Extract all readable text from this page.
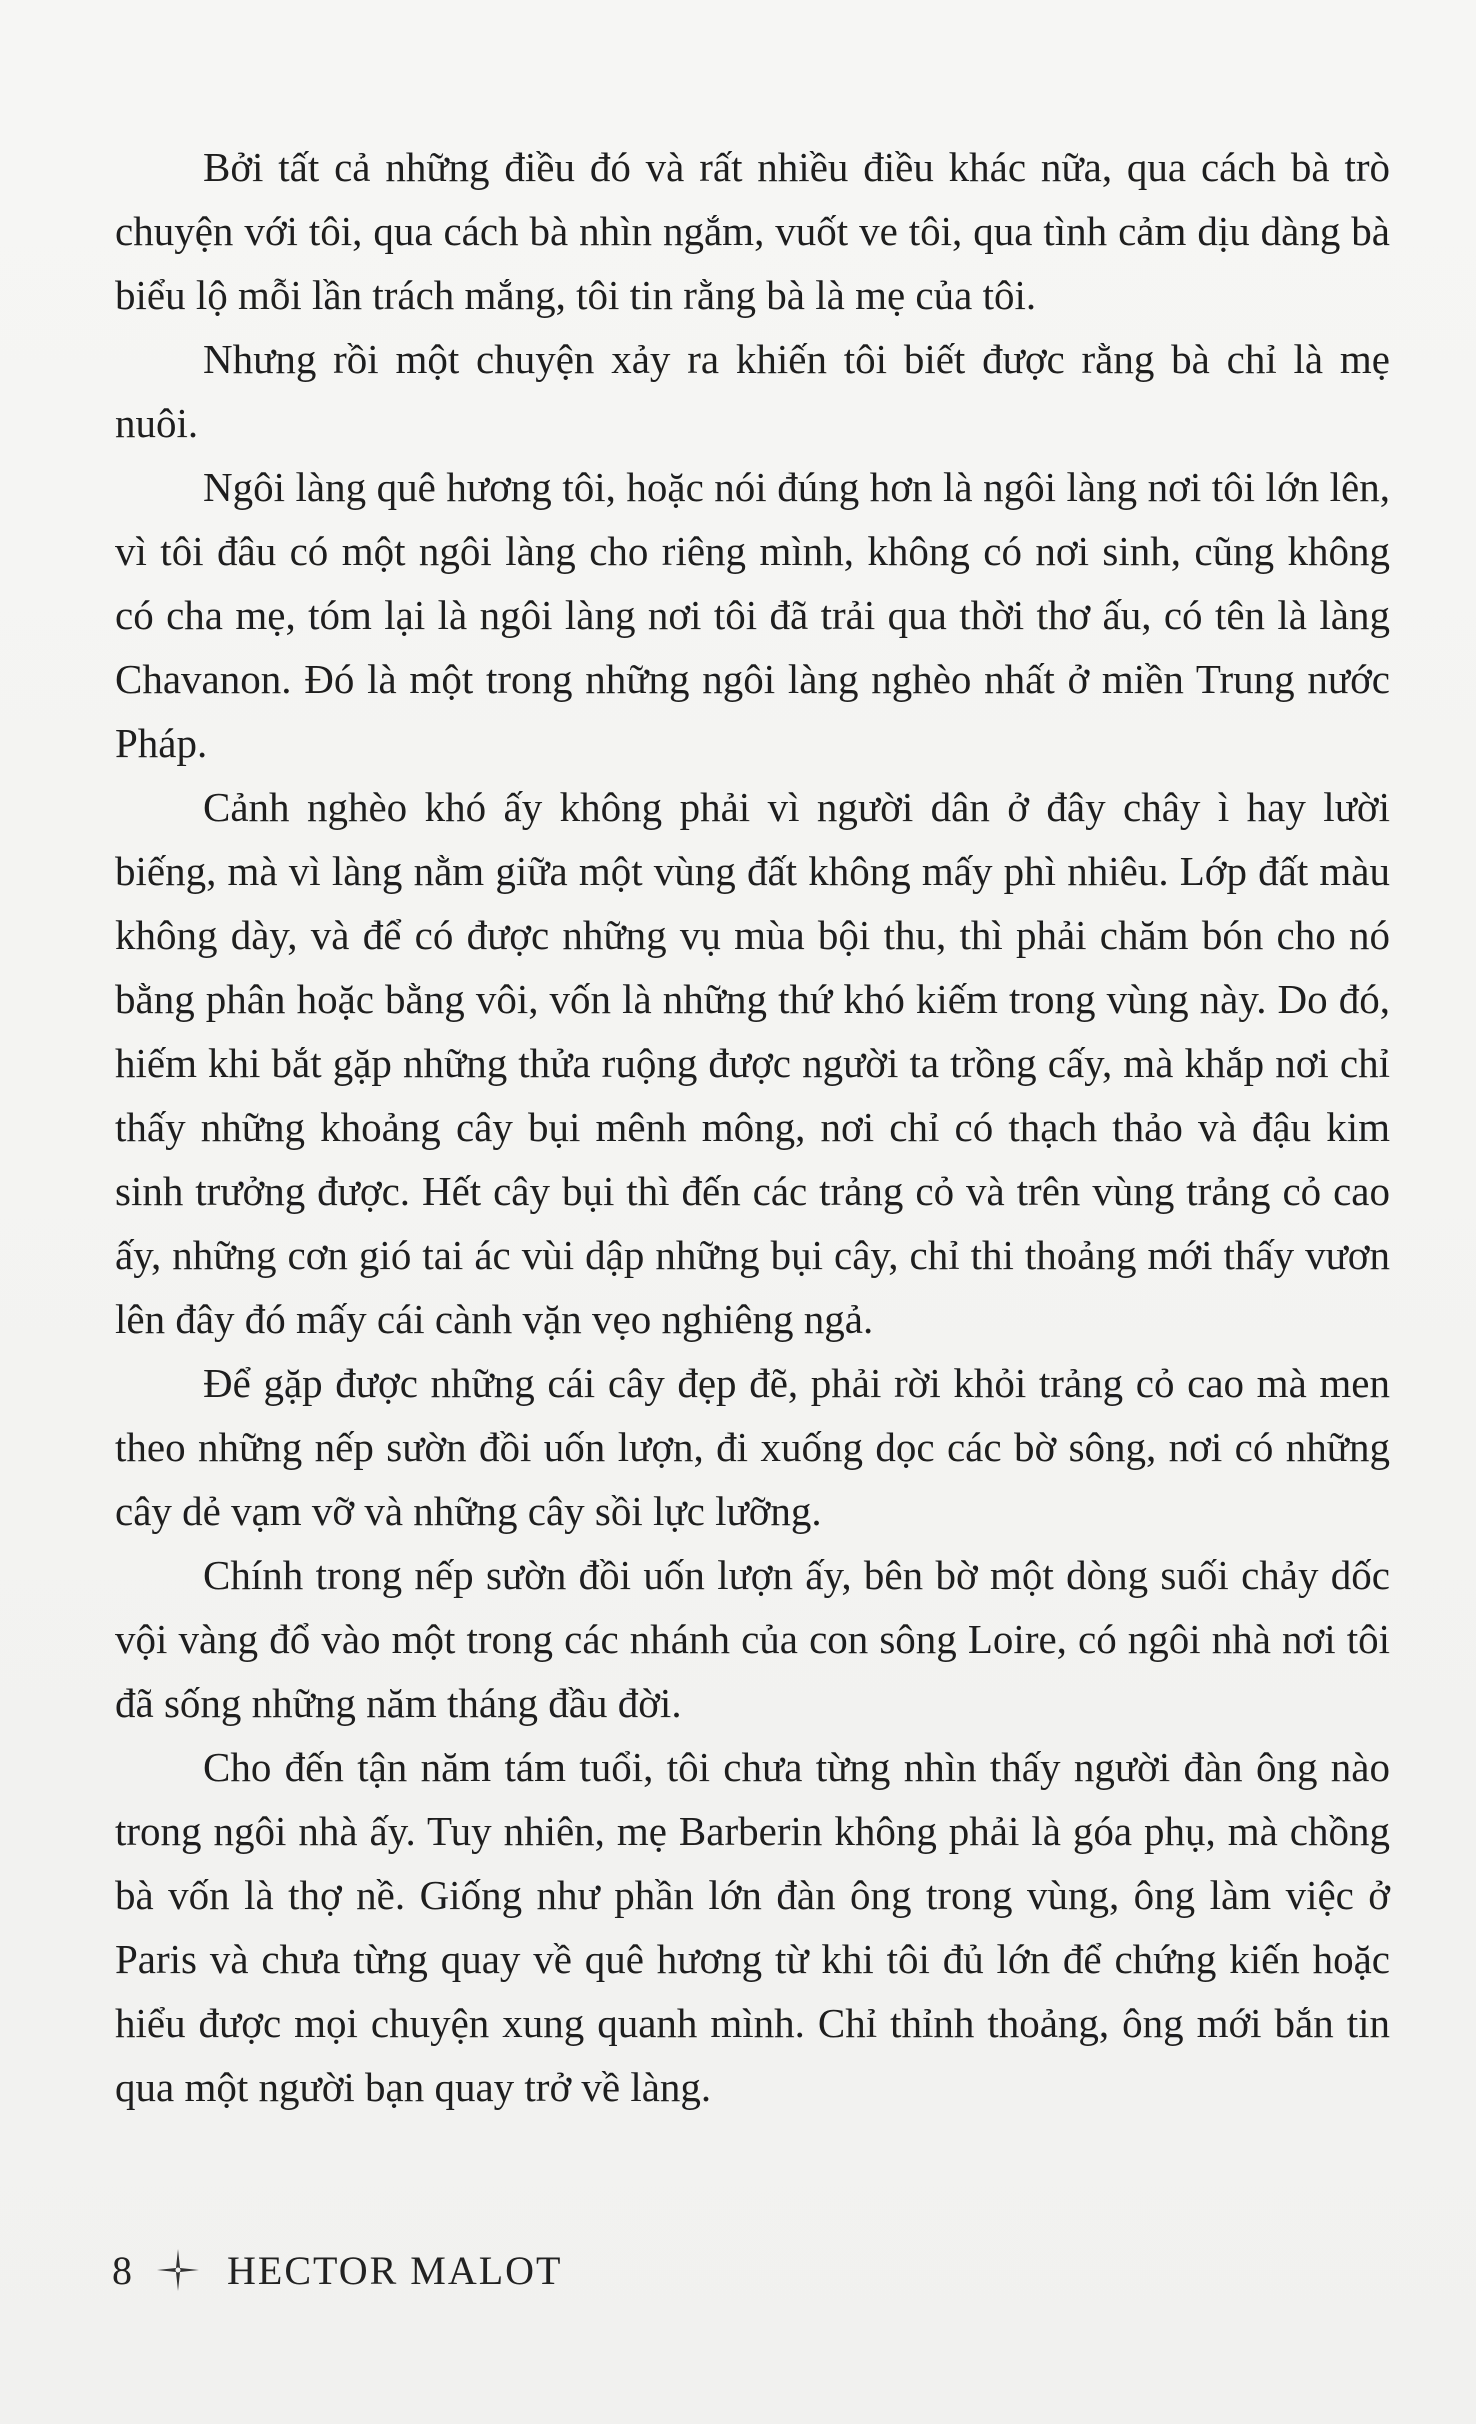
Bởi tất cả những điều đó và rất nhiều điều khác nữa, qua cách bà trò chuyện với tôi, qua cách bà nhìn ngắm, vuốt ve tôi, qua tình cảm dịu dàng bà biểu lộ mỗi lần trách mắng, tôi tin rằng bà là mẹ của tôi.

Nhưng rồi một chuyện xảy ra khiến tôi biết được rằng bà chỉ là mẹ nuôi.

Ngôi làng quê hương tôi, hoặc nói đúng hơn là ngôi làng nơi tôi lớn lên, vì tôi đâu có một ngôi làng cho riêng mình, không có nơi sinh, cũng không có cha mẹ, tóm lại là ngôi làng nơi tôi đã trải qua thời thơ ấu, có tên là làng Chavanon. Đó là một trong những ngôi làng nghèo nhất ở miền Trung nước Pháp.

Cảnh nghèo khó ấy không phải vì người dân ở đây chây ì hay lười biếng, mà vì làng nằm giữa một vùng đất không mấy phì nhiêu. Lớp đất màu không dày, và để có được những vụ mùa bội thu, thì phải chăm bón cho nó bằng phân hoặc bằng vôi, vốn là những thứ khó kiếm trong vùng này. Do đó, hiếm khi bắt gặp những thửa ruộng được người ta trồng cấy, mà khắp nơi chỉ thấy những khoảng cây bụi mênh mông, nơi chỉ có thạch thảo và đậu kim sinh trưởng được. Hết cây bụi thì đến các trảng cỏ và trên vùng trảng cỏ cao ấy, những cơn gió tai ác vùi dập những bụi cây, chỉ thi thoảng mới thấy vươn lên đây đó mấy cái cành vặn vẹo nghiêng ngả.

Để gặp được những cái cây đẹp đẽ, phải rời khỏi trảng cỏ cao mà men theo những nếp sườn đồi uốn lượn, đi xuống dọc các bờ sông, nơi có những cây dẻ vạm vỡ và những cây sồi lực lưỡng.

Chính trong nếp sườn đồi uốn lượn ấy, bên bờ một dòng suối chảy dốc vội vàng đổ vào một trong các nhánh của con sông Loire, có ngôi nhà nơi tôi đã sống những năm tháng đầu đời.

Cho đến tận năm tám tuổi, tôi chưa từng nhìn thấy người đàn ông nào trong ngôi nhà ấy. Tuy nhiên, mẹ Barberin không phải là góa phụ, mà chồng bà vốn là thợ nề. Giống như phần lớn đàn ông trong vùng, ông làm việc ở Paris và chưa từng quay về quê hương từ khi tôi đủ lớn để chứng kiến hoặc hiểu được mọi chuyện xung quanh mình. Chỉ thỉnh thoảng, ông mới bắn tin qua một người bạn quay trở về làng.

8 HECTOR MALOT
